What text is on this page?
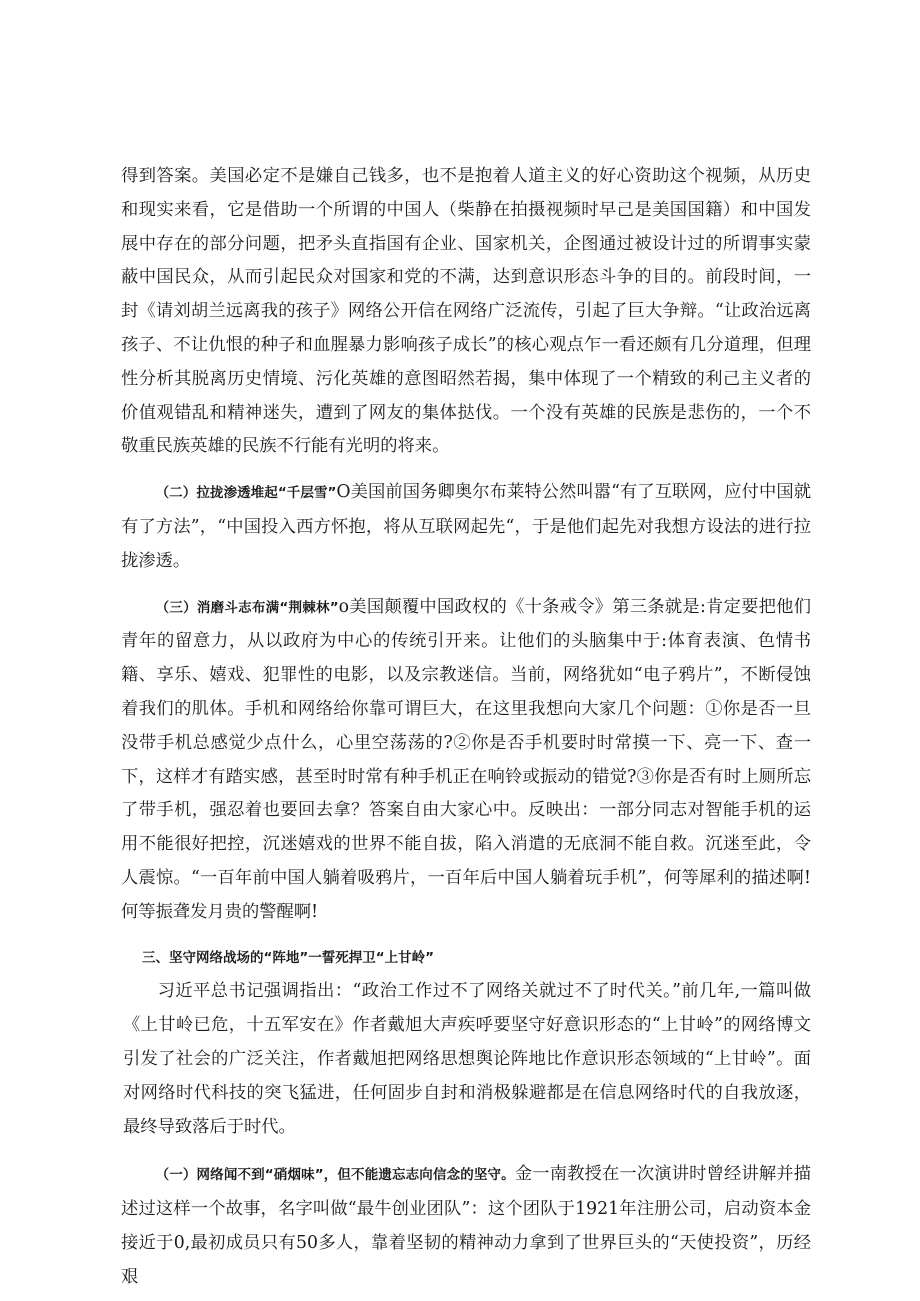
得到答案。美国必定不是嫌自己钱多，也不是抱着人道主义的好心资助这个视频，从历史和现实来看，它是借助一个所谓的中国人（柴静在拍摄视频时早己是美国国籍）和中国发展中存在的部分问题，把矛头直指国有企业、国家机关，企图通过被设计过的所谓事实蒙蔽中国民众，从而引起民众对国家和党的不满，达到意识形态斗争的目的。前段时间，一封《请刘胡兰远离我的孩子》网络公开信在网络广泛流传，引起了巨大争辩。“让政治远离孩子、不让仇恨的种子和血腥暴力影响孩子成长”的核心观点乍一看还颇有几分道理，但理性分析其脱离历史情境、污化英雄的意图昭然若揭，集中体现了一个精致的利己主义者的价值观错乱和精神迷失，遭到了网友的集体挞伐。一个没有英雄的民族是悲伤的，一个不敬重民族英雄的民族不行能有光明的将来。

（二）拉拢渗透堆起“千层雪”O美国前国务卿奥尔布莱特公然叫嚣“有了互联网，应付中国就有了方法”，“中国投入西方怀抱，将从互联网起先“，于是他们起先对我想方设法的进行拉拢渗透。

（三）消磨斗志布满“荆棘林”o美国颠覆中国政权的《十条戒令》第三条就是:肯定要把他们青年的留意力，从以政府为中心的传统引开来。让他们的头脑集中于:体育表演、色情书籍、享乐、嬉戏、犯罪性的电影，以及宗教迷信。当前，网络犹如“电子鸦片”，不断侵蚀着我们的肌体。手机和网络给你靠可谓巨大，在这里我想向大家几个问题：①你是否一旦没带手机总感觉少点什么，心里空荡荡的?②你是否手机要时时常摸一下、亮一下、查一下，这样才有踏实感，甚至时时常有种手机正在响铃或振动的错觉?③你是否有时上厕所忘了带手机，强忍着也要回去拿？答案自由大家心中。反映出：一部分同志对智能手机的运用不能很好把控，沉迷嬉戏的世界不能自拔，陷入消遣的无底洞不能自救。沉迷至此，令人震惊。“一百年前中国人躺着吸鸦片，一百年后中国人躺着玩手机”，何等犀利的描述啊!何等振聋发月贵的警醒啊!

三、坚守网络战场的“阵地”一誓死捍卫“上甘岭”

习近平总书记强调指出：“政治工作过不了网络关就过不了时代关。”前几年,一篇叫做《上甘岭已危，十五军安在》作者戴旭大声疾呼要坚守好意识形态的“上甘岭”的网络博文引发了社会的广泛关注，作者戴旭把网络思想舆论阵地比作意识形态领域的“上甘岭”。面对网络时代科技的突飞猛进，任何固步自封和消极躲避都是在信息网络时代的自我放逐，最终导致落后于时代。

（一）网络闻不到“硝烟味”，但不能遗忘志向信念的坚守。金一南教授在一次演讲时曾经讲解并描述过这样一个故事，名字叫做“最牛创业团队”：这个团队于1921年注册公司，启动资本金接近于0,最初成员只有50多人，靠着坚韧的精神动力拿到了世界巨头的“天使投资”，历经艰
